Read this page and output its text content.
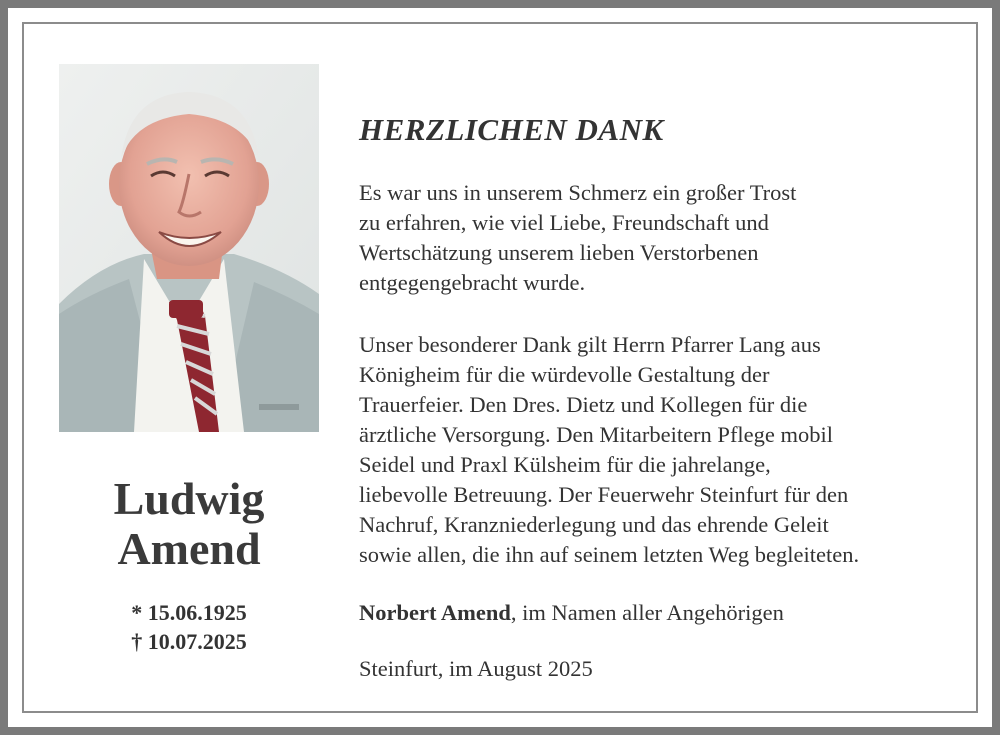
Ludwig
Amend
* 15.06.1925
† 10.07.2025
HERZLICHEN DANK
Es war uns in unserem Schmerz ein großer Trost
zu erfahren, wie viel Liebe, Freundschaft und
Wertschätzung unserem lieben Verstorbenen
entgegengebracht wurde.
Unser besonderer Dank gilt Herrn Pfarrer Lang aus
Königheim für die würdevolle Gestaltung der
Trauerfeier. Den Dres. Dietz und Kollegen für die
ärztliche Versorgung. Den Mitarbeitern Pflege mobil
Seidel und Praxl Külsheim für die jahrelange,
liebevolle Betreuung. Der Feuerwehr Steinfurt für den
Nachruf, Kranzniederlegung und das ehrende Geleit
sowie allen, die ihn auf seinem letzten Weg begleiteten.
Norbert Amend, im Namen aller Angehörigen
Steinfurt, im August 2025
